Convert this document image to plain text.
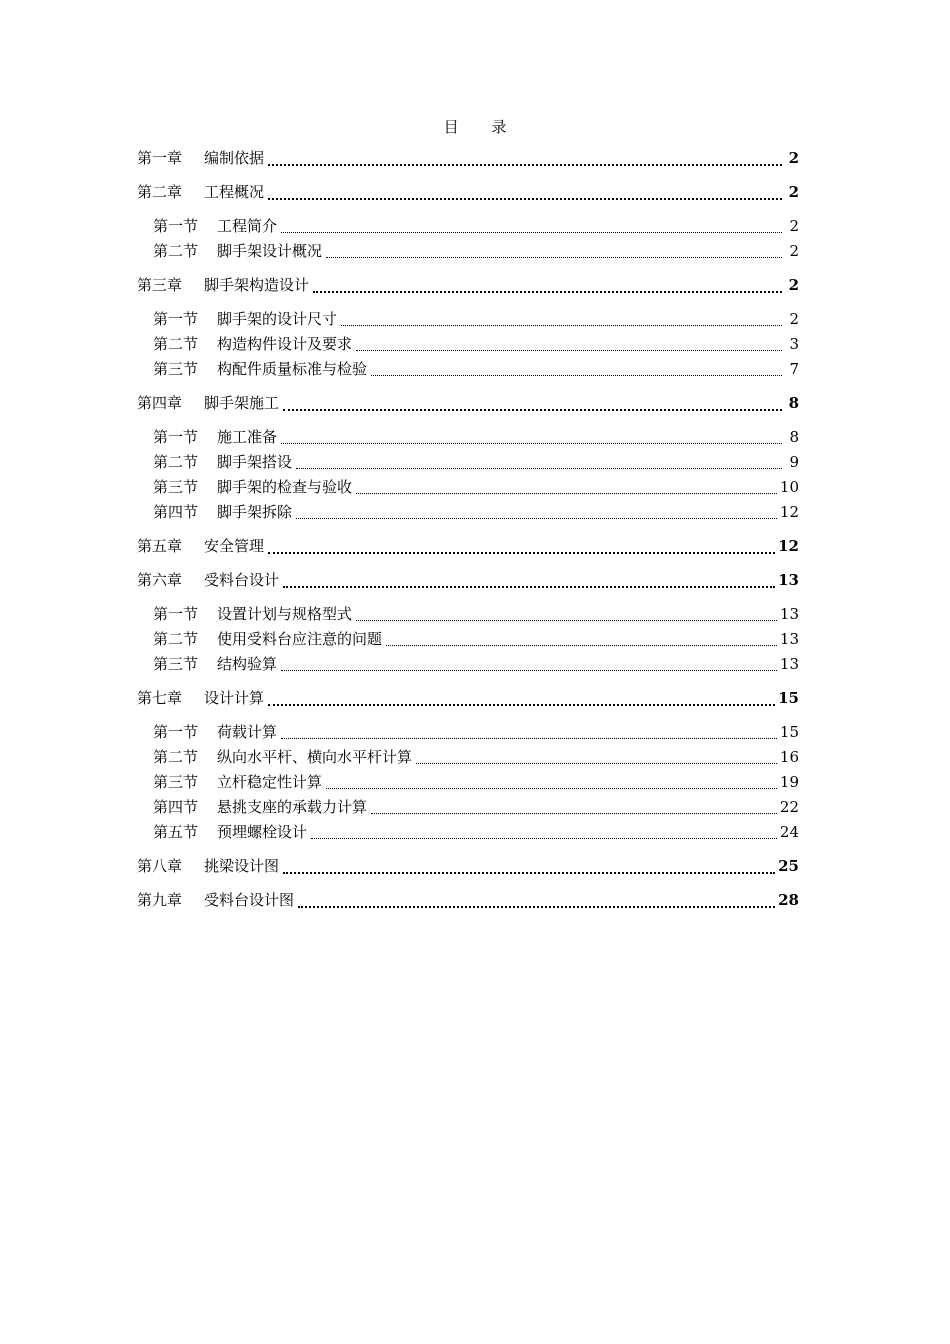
目 录
第一章	编制依据	2
第二章	工程概况	2
第一节	工程简介	2
第二节	脚手架设计概况	2
第三章	脚手架构造设计	2
第一节	脚手架的设计尺寸	2
第二节	构造构件设计及要求	3
第三节	构配件质量标准与检验	7
第四章	脚手架施工	8
第一节	施工准备	8
第二节	脚手架搭设	9
第三节	脚手架的检查与验收	10
第四节	脚手架拆除	12
第五章	安全管理	12
第六章	受料台设计	13
第一节	设置计划与规格型式	13
第二节	使用受料台应注意的问题	13
第三节	结构验算	13
第七章	设计计算	15
第一节	荷载计算	15
第二节	纵向水平杆、横向水平杆计算	16
第三节	立杆稳定性计算	19
第四节	悬挑支座的承载力计算	22
第五节	预埋螺栓设计	24
第八章	挑梁设计图	25
第九章	受料台设计图	28
